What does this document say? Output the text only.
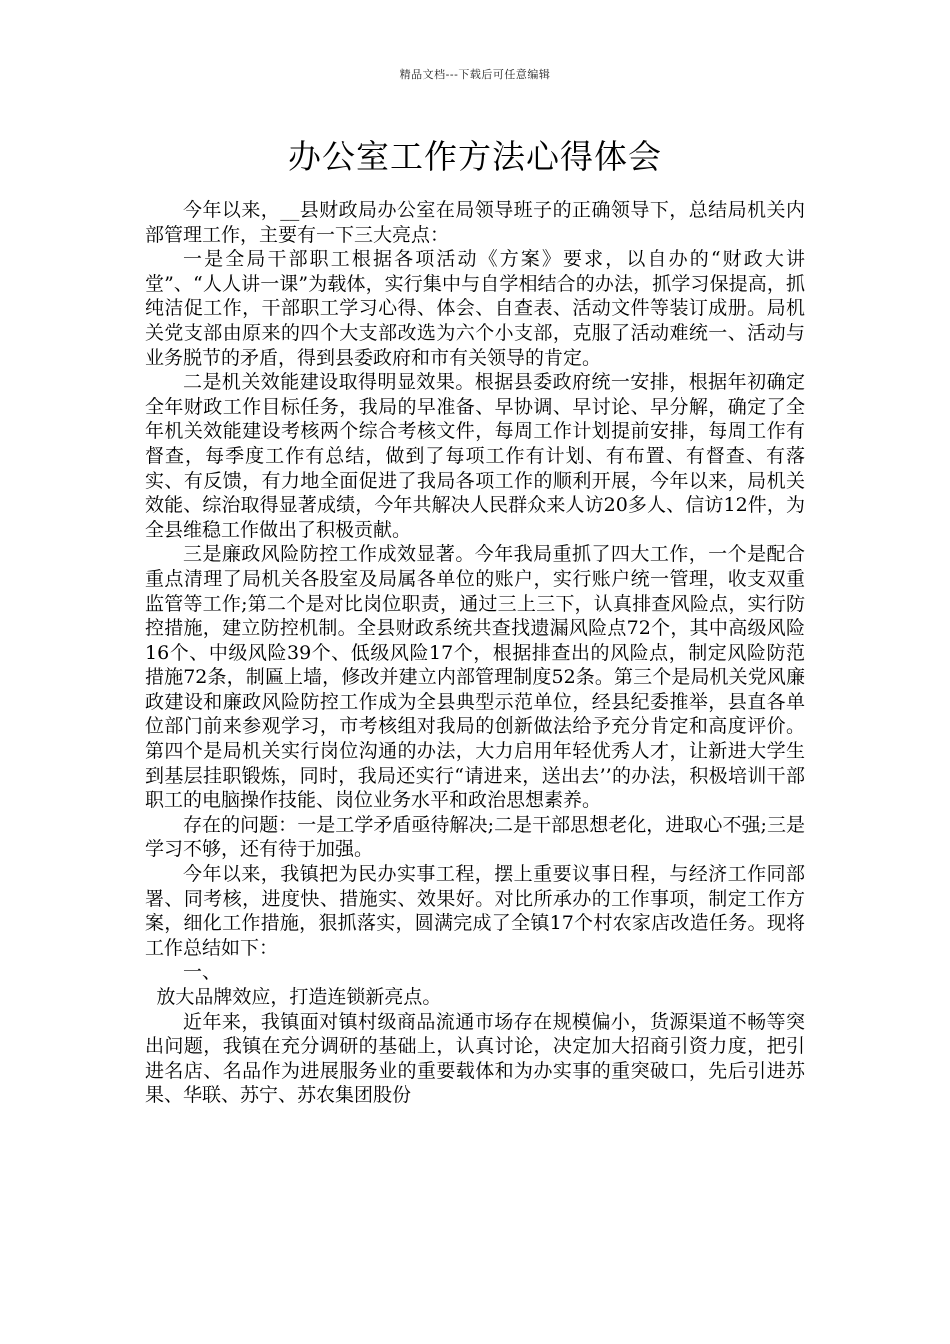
精品文档---下载后可任意编辑
办公室工作方法心得体会

今年以来，__县财政局办公室在局领导班子的正确领导下，总结局机关内部管理工作，主要有一下三大亮点：

一是全局干部职工根据各项活动《方案》要求，以自办的“财政大讲堂”、“人人讲一课”为载体，实行集中与自学相结合的办法，抓学习保提高，抓纯洁促工作，干部职工学习心得、体会、自查表、活动文件等装订成册。局机关党支部由原来的四个大支部改选为六个小支部，克服了活动难统一、活动与业务脱节的矛盾，得到县委政府和市有关领导的肯定。

二是机关效能建设取得明显效果。根据县委政府统一安排，根据年初确定全年财政工作目标任务，我局的早准备、早协调、早讨论、早分解，确定了全年机关效能建设考核两个综合考核文件，每周工作计划提前安排，每周工作有督查，每季度工作有总结，做到了每项工作有计划、有布置、有督查、有落实、有反馈，有力地全面促进了我局各项工作的顺利开展，今年以来，局机关效能、综治取得显著成绩，今年共解决人民群众来人访20多人、信访12件，为全县维稳工作做出了积极贡献。

三是廉政风险防控工作成效显著。今年我局重抓了四大工作，一个是配合重点清理了局机关各股室及局属各单位的账户，实行账户统一管理，收支双重监管等工作;第二个是对比岗位职责，通过三上三下，认真排查风险点，实行防控措施，建立防控机制。全县财政系统共查找遗漏风险点72个，其中高级风险16个、中级风险39个、低级风险17个，根据排查出的风险点，制定风险防范措施72条，制匾上墙，修改并建立内部管理制度52条。第三个是局机关党风廉政建设和廉政风险防控工作成为全县典型示范单位，经县纪委推举，县直各单位部门前来参观学习，市考核组对我局的创新做法给予充分肯定和高度评价。第四个是局机关实行岗位沟通的办法，大力启用年轻优秀人才，让新进大学生到基层挂职锻炼，同时，我局还实行“请进来，送出去’’的办法，积极培训干部职工的电脑操作技能、岗位业务水平和政治思想素养。

存在的问题：一是工学矛盾亟待解决;二是干部思想老化，进取心不强;三是学习不够，还有待于加强。

今年以来，我镇把为民办实事工程，摆上重要议事日程，与经济工作同部署、同考核，进度快、措施实、效果好。对比所承办的工作事项，制定工作方案，细化工作措施，狠抓落实，圆满完成了全镇17个村农家店改造任务。现将工作总结如下：

一、

放大品牌效应，打造连锁新亮点。

近年来，我镇面对镇村级商品流通市场存在规模偏小，货源渠道不畅等突出问题，我镇在充分调研的基础上，认真讨论，决定加大招商引资力度，把引进名店、名品作为进展服务业的重要载体和为办实事的重突破口，先后引进苏果、华联、苏宁、苏农集团股份
